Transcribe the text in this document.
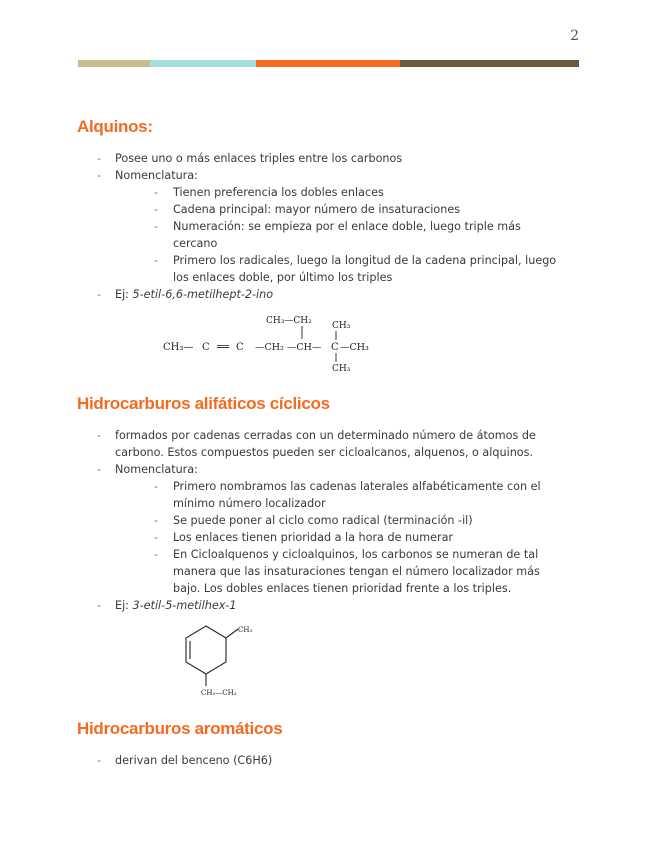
2
Alquinos:
- Posee uno o más enlaces triples entre los carbonos
- Nomenclatura:
- Tienen preferencia los dobles enlaces
- Cadena principal: mayor número de insaturaciones
- Numeración: se empieza por el enlace doble, luego triple más cercano
- Primero los radicales, luego la longitud de la cadena principal, luego los enlaces doble, por último los triples
- Ej: 5-etil-6,6-metilhept-2-ino
CH₃—CH₂ CH₃
CH₃— C ══ C —CH₂ —CH— C —CH₃
CH₃
Hidrocarburos alifáticos cíclicos
- formados por cadenas cerradas con un determinado número de átomos de carbono. Estos compuestos pueden ser cicloalcanos, alquenos, o alquinos.
- Nomenclatura:
- Primero nombramos las cadenas laterales alfabéticamente con el mínimo número localizador
- Se puede poner al ciclo como radical (terminación -il)
- Los enlaces tienen prioridad a la hora de numerar
- En Cicloalquenos y cicloalquinos, los carbonos se numeran de tal manera que las insaturaciones tengan el número localizador más bajo. Los dobles enlaces tienen prioridad frente a los triples.
- Ej: 3-etil-5-metilhex-1
CH₃
CH₂—CH₃
Hidrocarburos aromáticos
- derivan del benceno (C6H6)
